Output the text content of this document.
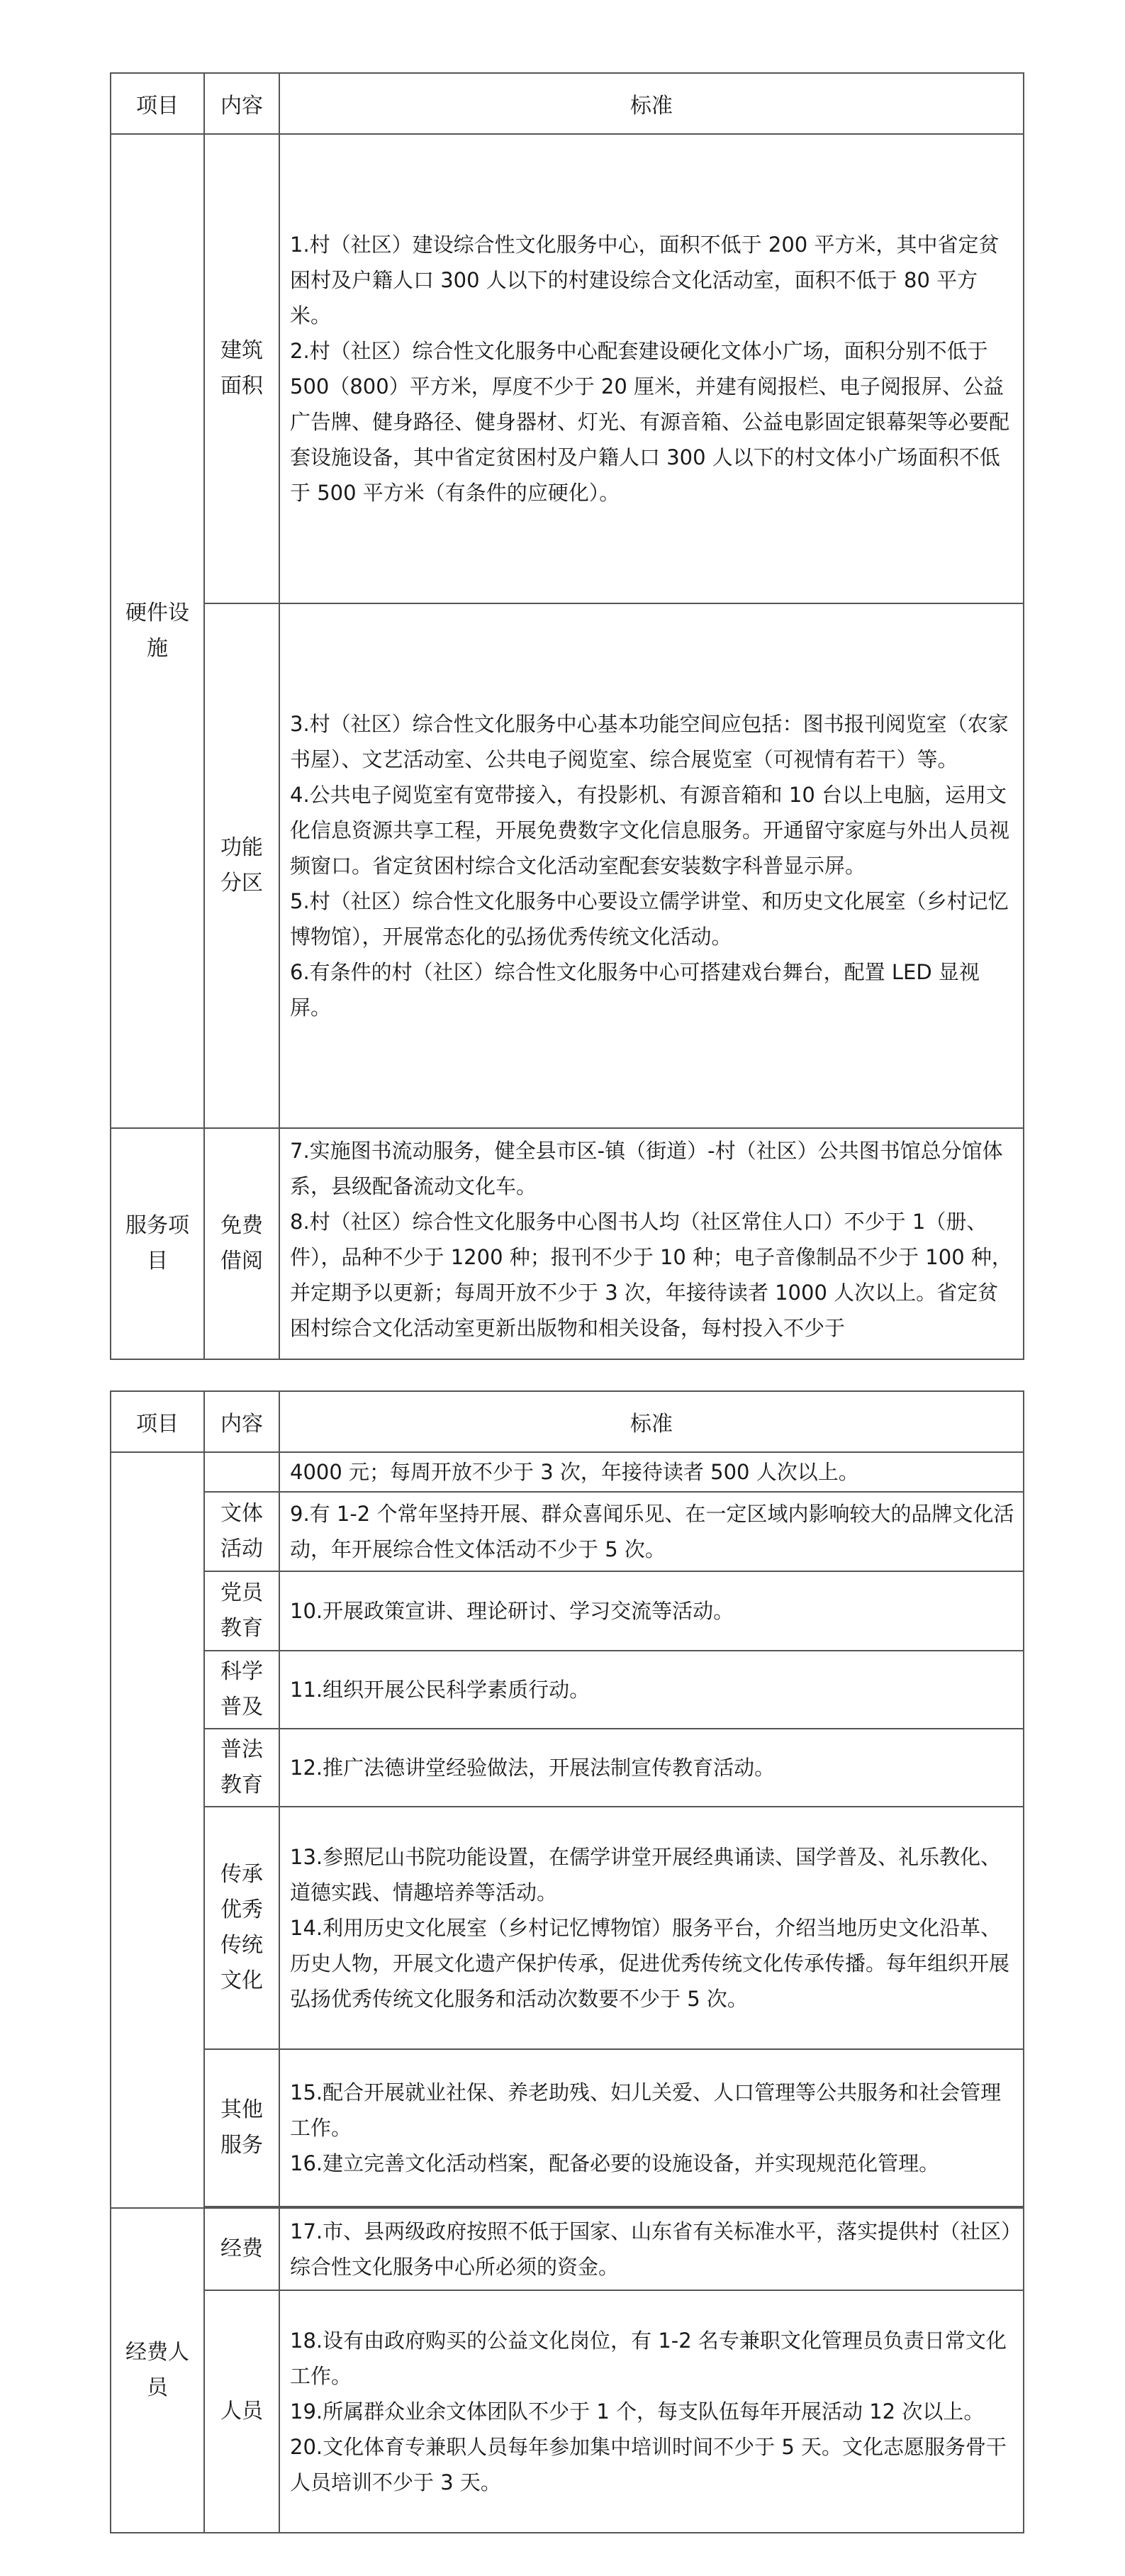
项目	内容	标准

硬件设施	建筑面积	1.村（社区）建设综合性文化服务中心，面积不低于 200 平方米，其中省定贫困村及户籍人口 300 人以下的村建设综合文化活动室，面积不低于 80 平方米。

2.村（社区）综合性文化服务中心配套建设硬化文体小广场，面积分别不低于 500（800）平方米，厚度不少于 20 厘米，并建有阅报栏、电子阅报屏、公益广告牌、健身路径、健身器材、灯光、有源音箱、公益电影固定银幕架等必要配套设施设备，其中省定贫困村及户籍人口 300 人以下的村文体小广场面积不低于 500 平方米（有条件的应硬化）。

	功能分区	3.村（社区）综合性文化服务中心基本功能空间应包括：图书报刊阅览室（农家书屋）、文艺活动室、公共电子阅览室、综合展览室（可视情有若干）等。

4.公共电子阅览室有宽带接入，有投影机、有源音箱和 10 台以上电脑，运用文化信息资源共享工程，开展免费数字文化信息服务。开通留守家庭与外出人员视频窗口。省定贫困村综合文化活动室配套安装数字科普显示屏。

5.村（社区）综合性文化服务中心要设立儒学讲堂、和历史文化展室（乡村记忆博物馆），开展常态化的弘扬优秀传统文化活动。

6.有条件的村（社区）综合性文化服务中心可搭建戏台舞台，配置 LED 显视屏。

服务项目	免费借阅	7.实施图书流动服务，健全县市区-镇（街道）-村（社区）公共图书馆总分馆体系，县级配备流动文化车。

8.村（社区）综合性文化服务中心图书人均（社区常住人口）不少于 1（册、件），品种不少于 1200 种；报刊不少于 10 种；电子音像制品不少于 100 种，并定期予以更新；每周开放不少于 3 次，年接待读者 1000 人次以上。省定贫困村综合文化活动室更新出版物和相关设备，每村投入不少于

项目	内容	标准

		4000 元；每周开放不少于 3 次，年接待读者 500 人次以上。

	文体活动	9.有 1-2 个常年坚持开展、群众喜闻乐见、在一定区域内影响较大的品牌文化活动，年开展综合性文体活动不少于 5 次。

	党员教育	10.开展政策宣讲、理论研讨、学习交流等活动。

	科学普及	11.组织开展公民科学素质行动。

	普法教育	12.推广法德讲堂经验做法，开展法制宣传教育活动。

	传承优秀传统文化	13.参照尼山书院功能设置，在儒学讲堂开展经典诵读、国学普及、礼乐教化、道德实践、情趣培养等活动。

14.利用历史文化展室（乡村记忆博物馆）服务平台，介绍当地历史文化沿革、历史人物，开展文化遗产保护传承，促进优秀传统文化传承传播。每年组织开展弘扬优秀传统文化服务和活动次数要不少于 5 次。

	其他服务	15.配合开展就业社保、养老助残、妇儿关爱、人口管理等公共服务和社会管理工作。

16.建立完善文化活动档案，配备必要的设施设备，并实现规范化管理。

经费人员	经费	17.市、县两级政府按照不低于国家、山东省有关标准水平，落实提供村（社区）综合性文化服务中心所必须的资金。

	人员	18.设有由政府购买的公益文化岗位，有 1-2 名专兼职文化管理员负责日常文化工作。

19.所属群众业余文体团队不少于 1 个，每支队伍每年开展活动 12 次以上。

20.文化体育专兼职人员每年参加集中培训时间不少于 5 天。文化志愿服务骨干人员培训不少于 3 天。
